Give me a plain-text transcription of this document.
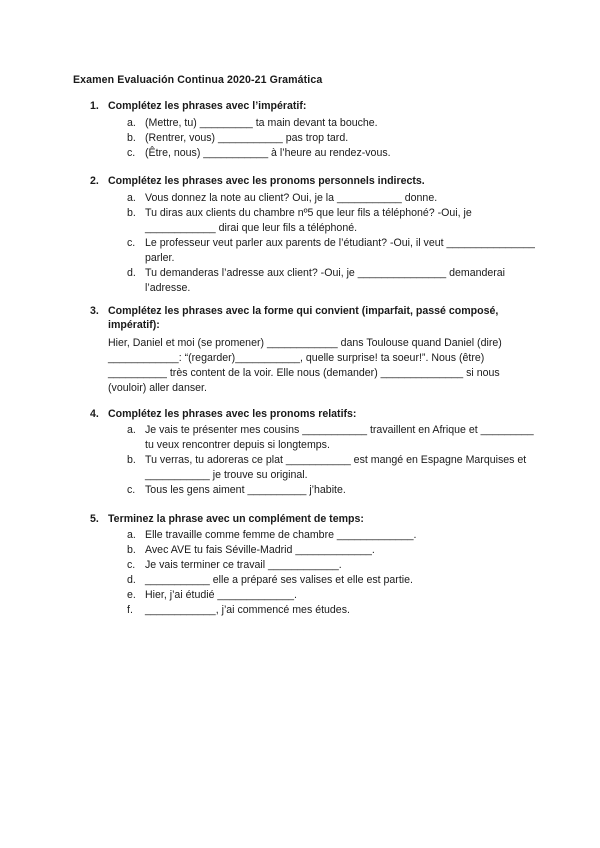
Examen Evaluación Continua 2020-21 Gramática
1. Complétez les phrases avec l’impératif:
a. (Mettre, tu) _________ ta main devant ta bouche.
b. (Rentrer, vous) ___________ pas trop tard.
c. (Être, nous) ___________ à l’heure au rendez-vous.
2. Complétez les phrases avec les pronoms personnels indirects.
a. Vous donnez la note au client? Oui, je la ___________ donne.
b. Tu diras aux clients du chambre nº5 que leur fils a téléphoné? -Oui, je ____________ dirai que leur fils a téléphoné.
c. Le professeur veut parler aux parents de l’étudiant? -Oui, il veut _______________ parler.
d. Tu demanderas l’adresse aux client? -Oui, je _______________ demanderai l’adresse.
3. Complétez les phrases avec la forme qui convient (imparfait, passé composé, impératif):
Hier, Daniel et moi (se promener) ____________ dans Toulouse quand Daniel (dire) ____________: “(regarder)___________, quelle surprise! ta soeur!”. Nous (être) __________ très content de la voir. Elle nous (demander) ______________ si nous (vouloir) aller danser.
4. Complétez les phrases avec les pronoms relatifs:
a. Je vais te présenter mes cousins ___________ travaillent en Afrique et _________ tu veux rencontrer depuis si longtemps.
b. Tu verras, tu adoreras ce plat ___________ est mangé en Espagne Marquises et ___________ je trouve su original.
c. Tous les gens aiment __________ j’habite.
5. Terminez la phrase avec un complément de temps:
a. Elle travaille comme femme de chambre _____________.
b. Avec AVE tu fais Séville-Madrid _____________.
c. Je vais terminer ce travail ____________.
d. ___________ elle a préparé ses valises et elle est partie.
e. Hier, j’ai étudié _____________.
f. ____________, j’ai commencé mes études.
